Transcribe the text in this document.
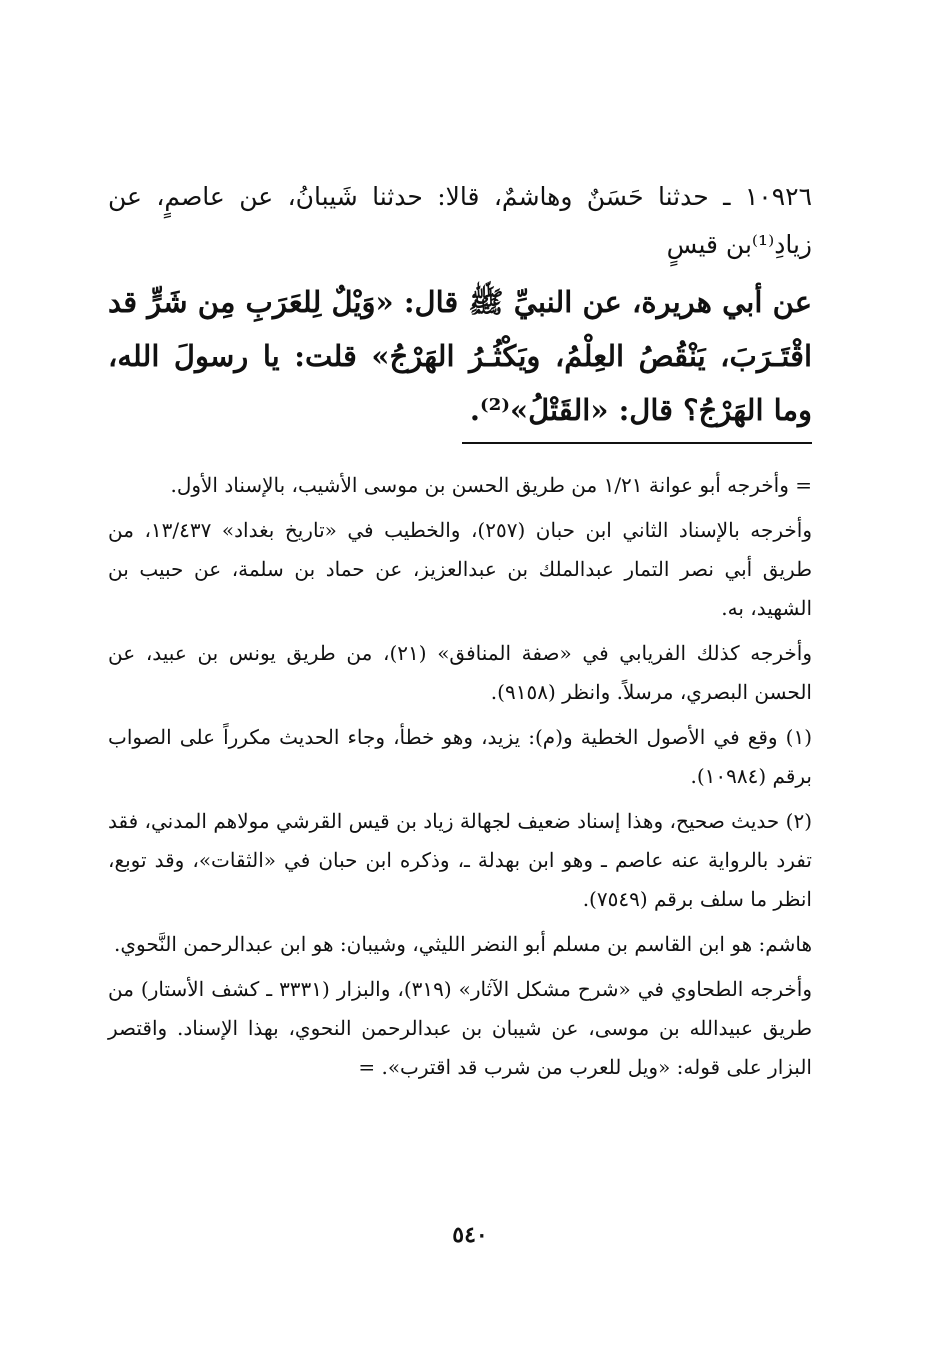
١٠٩٢٦ ـ حدثنا حَسَنٌ وهاشمٌ، قالا: حدثنا شَيبانُ، عن عاصمٍ، عن زيادِ⁽¹⁾بن قيسٍ

عن أبي هريرة، عن النبيِّ ﷺ قال: «وَيْلٌ لِلعَرَبِ مِن شَرٍّ قد اقْتَـرَبَ، يَنْقُصُ العِلْمُ، ويَكْثُـرُ الهَرْجُ» قلت: يا رسولَ الله، وما الهَرْجُ؟ قال: «القَتْلُ»⁽²⁾.

= وأخرجه أبو عوانة ١/٢١ من طريق الحسن بن موسى الأشيب، بالإسناد الأول.

وأخرجه بالإسناد الثاني ابن حبان (٢٥٧)، والخطيب في «تاريخ بغداد» ١٣/٤٣٧، من طريق أبي نصر التمار عبدالملك بن عبدالعزيز، عن حماد بن سلمة، عن حبيب بن الشهيد، به.

وأخرجه كذلك الفريابي في «صفة المنافق» (٢١)، من طريق يونس بن عبيد، عن الحسن البصري، مرسلاً. وانظر (٩١٥٨).

(١) وقع في الأصول الخطية و(م): يزيد، وهو خطأ، وجاء الحديث مكرراً على الصواب برقم (١٠٩٨٤).

(٢) حديث صحيح، وهذا إسناد ضعيف لجهالة زياد بن قيس القرشي مولاهم المدني، فقد تفرد بالرواية عنه عاصم ـ وهو ابن بهدلة ـ، وذكره ابن حبان في «الثقات»، وقد توبع، انظر ما سلف برقم (٧٥٤٩).

هاشم: هو ابن القاسم بن مسلم أبو النضر الليثي، وشيبان: هو ابن عبدالرحمن النَّحوي.

وأخرجه الطحاوي في «شرح مشكل الآثار» (٣١٩)، والبزار (٣٣٣١ ـ كشف الأستار) من طريق عبيدالله بن موسى، عن شيبان بن عبدالرحمن النحوي، بهذا الإسناد. واقتصر البزار على قوله: «ويل للعرب من شرب قد اقترب». =

٥٤٠
